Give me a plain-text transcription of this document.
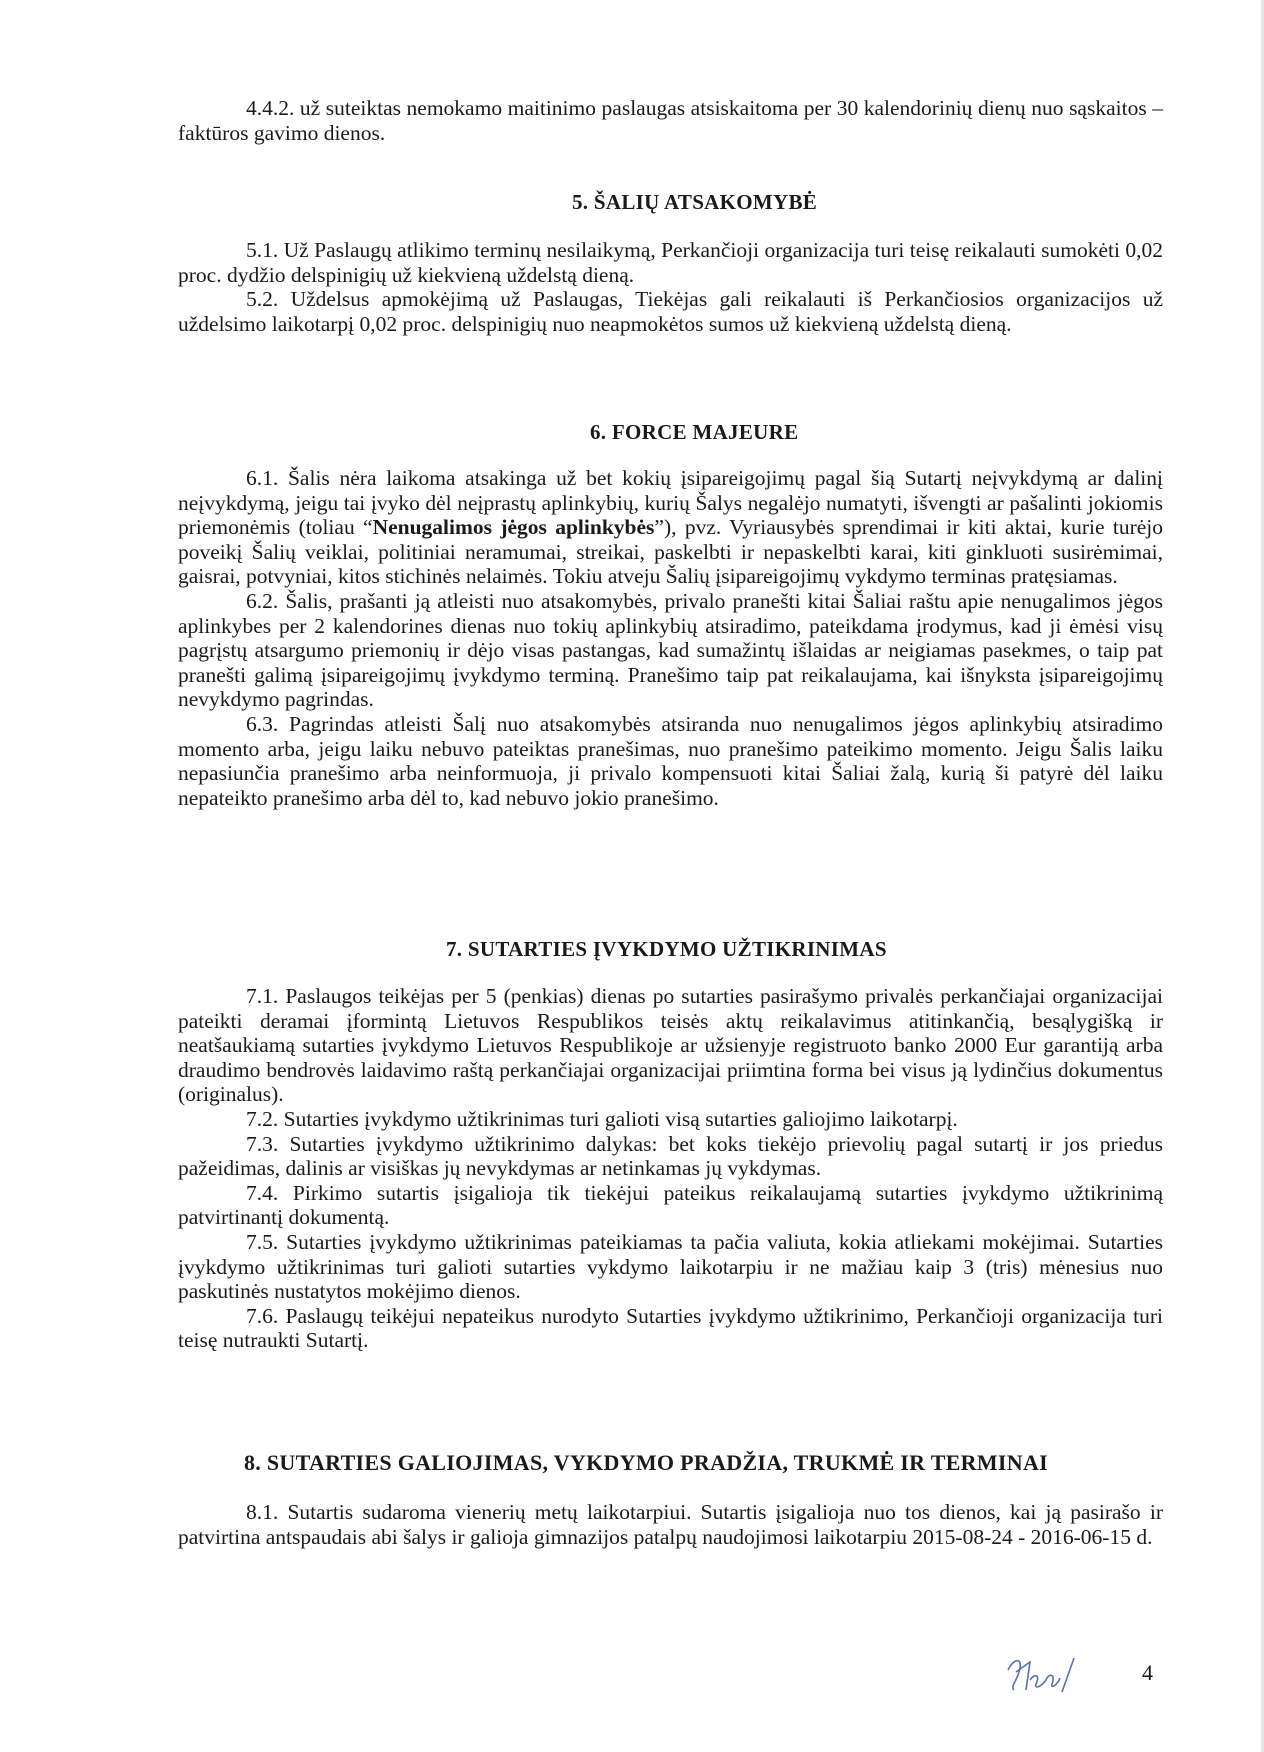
4.4.2. už suteiktas nemokamo maitinimo paslaugas atsiskaitoma per 30 kalendorinių dienų nuo sąskaitos – faktūros gavimo dienos.

5. ŠALIŲ ATSAKOMYBĖ

5.1. Už Paslaugų atlikimo terminų nesilaikymą, Perkančioji organizacija turi teisę reikalauti sumokėti 0,02 proc. dydžio delspinigių už kiekvieną uždelstą dieną.

5.2. Uždelsus apmokėjimą už Paslaugas, Tiekėjas gali reikalauti iš Perkančiosios organizacijos už uždelsimo laikotarpį 0,02 proc. delspinigių nuo neapmokėtos sumos už kiekvieną uždelstą dieną.

6. FORCE MAJEURE

6.1. Šalis nėra laikoma atsakinga už bet kokių įsipareigojimų pagal šią Sutartį neįvykdymą ar dalinį neįvykdymą, jeigu tai įvyko dėl neįprastų aplinkybių, kurių Šalys negalėjo numatyti, išvengti ar pašalinti jokiomis priemonėmis (toliau “Nenugalimos jėgos aplinkybės”), pvz. Vyriausybės sprendimai ir kiti aktai, kurie turėjo poveikį Šalių veiklai, politiniai neramumai, streikai, paskelbti ir nepaskelbti karai, kiti ginkluoti susirėmimai, gaisrai, potvyniai, kitos stichinės nelaimės. Tokiu atveju Šalių įsipareigojimų vykdymo terminas pratęsiamas.

6.2. Šalis, prašanti ją atleisti nuo atsakomybės, privalo pranešti kitai Šaliai raštu apie nenugalimos jėgos aplinkybes per 2 kalendorines dienas nuo tokių aplinkybių atsiradimo, pateikdama įrodymus, kad ji ėmėsi visų pagrįstų atsargumo priemonių ir dėjo visas pastangas, kad sumažintų išlaidas ar neigiamas pasekmes, o taip pat pranešti galimą įsipareigojimų įvykdymo terminą. Pranešimo taip pat reikalaujama, kai išnyksta įsipareigojimų nevykdymo pagrindas.

6.3. Pagrindas atleisti Šalį nuo atsakomybės atsiranda nuo nenugalimos jėgos aplinkybių atsiradimo momento arba, jeigu laiku nebuvo pateiktas pranešimas, nuo pranešimo pateikimo momento. Jeigu Šalis laiku nepasiunčia pranešimo arba neinformuoja, ji privalo kompensuoti kitai Šaliai žalą, kurią ši patyrė dėl laiku nepateikto pranešimo arba dėl to, kad nebuvo jokio pranešimo.

7. SUTARTIES ĮVYKDYMO UŽTIKRINIMAS

7.1. Paslaugos teikėjas per 5 (penkias) dienas po sutarties pasirašymo privalės perkančiajai organizacijai pateikti deramai įformintą Lietuvos Respublikos teisės aktų reikalavimus atitinkančią, besąlygišką ir neatšaukiamą sutarties įvykdymo Lietuvos Respublikoje ar užsienyje registruoto banko 2000 Eur garantiją arba draudimo bendrovės laidavimo raštą perkančiajai organizacijai priimtina forma bei visus ją lydinčius dokumentus (originalus).

7.2. Sutarties įvykdymo užtikrinimas turi galioti visą sutarties galiojimo laikotarpį.

7.3. Sutarties įvykdymo užtikrinimo dalykas: bet koks tiekėjo prievolių pagal sutartį ir jos priedus pažeidimas, dalinis ar visiškas jų nevykdymas ar netinkamas jų vykdymas.

7.4. Pirkimo sutartis įsigalioja tik tiekėjui pateikus reikalaujamą sutarties įvykdymo užtikrinimą patvirtinantį dokumentą.

7.5. Sutarties įvykdymo užtikrinimas pateikiamas ta pačia valiuta, kokia atliekami mokėjimai. Sutarties įvykdymo užtikrinimas turi galioti sutarties vykdymo laikotarpiu ir ne mažiau kaip 3 (tris) mėnesius nuo paskutinės nustatytos mokėjimo dienos.

7.6. Paslaugų teikėjui nepateikus nurodyto Sutarties įvykdymo užtikrinimo, Perkančioji organizacija turi teisę nutraukti Sutartį.

8. SUTARTIES GALIOJIMAS, VYKDYMO PRADŽIA, TRUKMĖ IR TERMINAI

8.1. Sutartis sudaroma vienerių metų laikotarpiui. Sutartis įsigalioja nuo tos dienos, kai ją pasirašo ir patvirtina antspaudais abi šalys ir galioja gimnazijos patalpų naudojimosi laikotarpiu 2015-08-24 - 2016-06-15 d.

4
